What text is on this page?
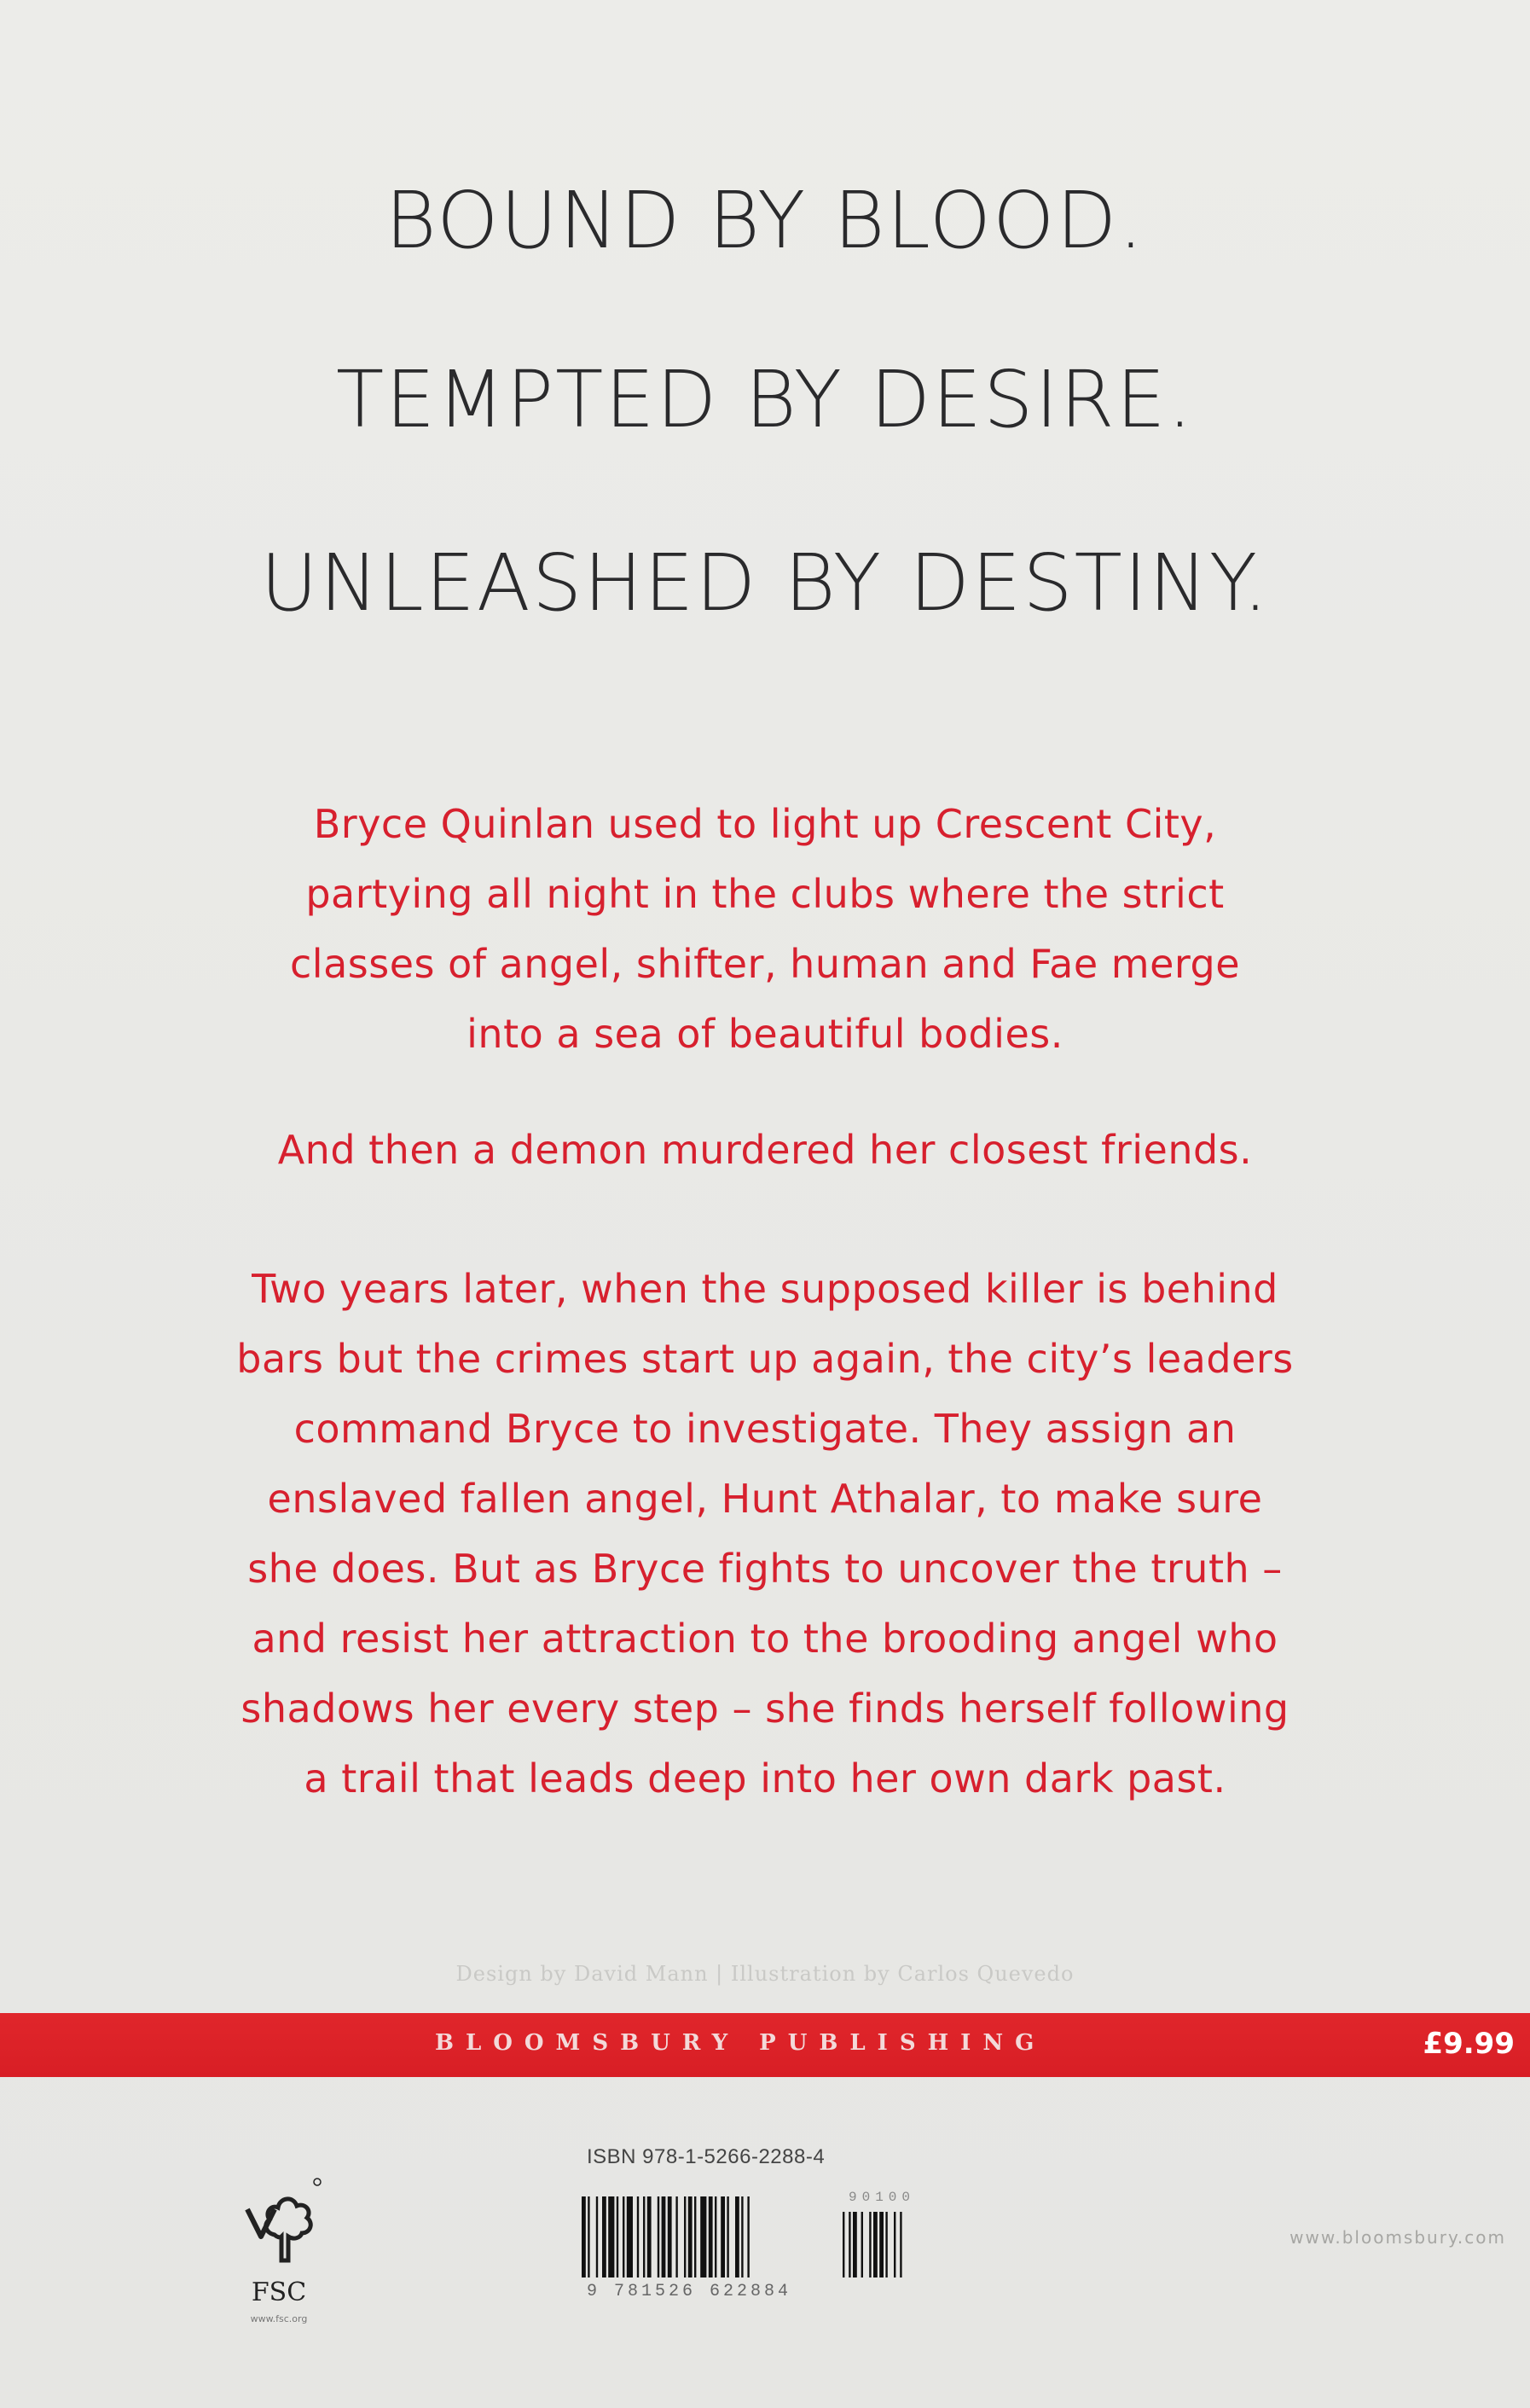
BOUND BY BLOOD.
TEMPTED BY DESIRE.
UNLEASHED BY DESTINY.
Bryce Quinlan used to light up Crescent City,
partying all night in the clubs where the strict
classes of angel, shifter, human and Fae merge
into a sea of beautiful bodies.
And then a demon murdered her closest friends.
Two years later, when the supposed killer is behind
bars but the crimes start up again, the city’s leaders
command Bryce to investigate. They assign an
enslaved fallen angel, Hunt Athalar, to make sure
she does. But as Bryce fights to uncover the truth –
and resist her attraction to the brooding angel who
shadows her every step – she finds herself following
a trail that leads deep into her own dark past.
Design by David Mann | Illustration by Carlos Quevedo
BLOOMSBURY PUBLISHING	£9.99
FSC
www.fsc.org
ISBN 978-1-5266-2288-4
90100
9 781526 622884
www.bloomsbury.com
